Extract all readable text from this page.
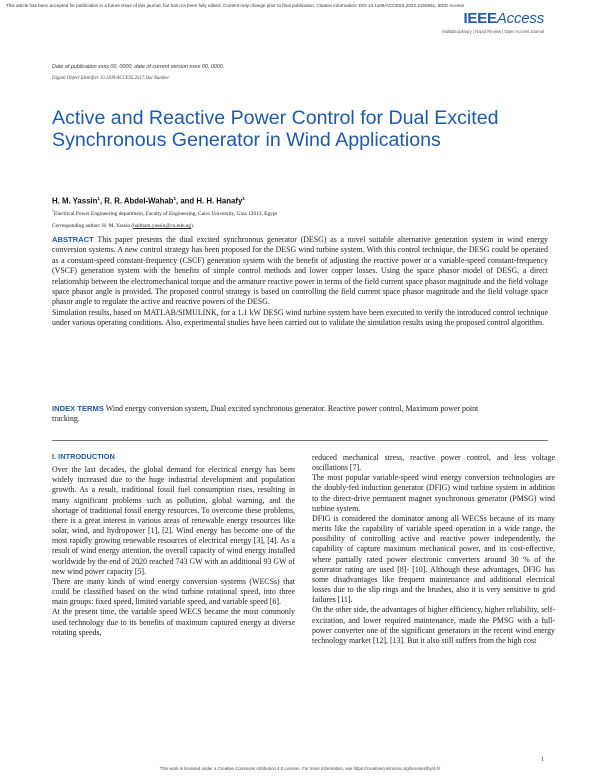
This article has been accepted for publication in a future issue of this journal, but has not been fully edited. Content may change prior to final publication. Citation information: DOI 10.1109/ACCESS.2022.3150651, IEEE Access
IEEEAccess
Multidisciplinary | Rapid Review | Open Access Journal
Date of publication xxxx 00, 0000, date of current version xxxx 00, 0000.
Digital Object Identifier 10.1109/ACCESS.2017.Doi Number
Active and Reactive Power Control for Dual Excited Synchronous Generator in Wind Applications
H. M. Yassin$^1$, R. R. Abdel-Wahab$^1$, and H. H. Hanafy$^1$
$^1$Electrical Power Engineering department, Faculty of Engineering, Cairo University, Giza 12613, Egypt
Corresponding author: H. M. Yassin (haitham.yassin@cu.edu.eg).

ABSTRACT This paper presents the dual excited synchronous generator (DESG) as a novel suitable alternative generation system in wind energy conversion systems. A new control strategy has been proposed for the DESG wind turbine system. With this control technique, the DESG could be operated as a constant-speed constant-frequency (CSCF) generation system with the benefit of adjusting the reactive power or a variable-speed constant-frequency (VSCF) generation system with the benefits of simple control methods and lower copper losses. Using the space phasor model of DESG, a direct relationship between the electromechanical torque and the armature reactive power in terms of the field current space phasor magnitude and the field voltage space phasor angle is provided. The proposed control strategy is based on controlling the field current space phasor magnitude and the field voltage space phasor angle to regulate the active and reactive powers of the DESG.

Simulation results, based on MATLAB/SIMULINK, for a 1.1 kW DESG wind turbine system have been executed to verify the introduced control technique under various operating conditions. Also, experimental studies have been carried out to validate the simulation results using the proposed control algorithm.

INDEX TERMS Wind energy conversion system, Dual excited synchronous generator. Reactive power control, Maximum power point tracking.

I. INTRODUCTION

Over the last decades, the global demand for electrical energy has been widely increased due to the huge industrial development and population growth. As a result, traditional fossil fuel consumption rises, resulting in many significant problems such as pollution, global warning, and the shortage of traditional fossil energy resources. To overcome these problems, there is a great interest in various areas of renewable energy resources like solar, wind, and hydropower [1], [2]. Wind energy has become one of the most rapidly growing renewable resources of electrical energy [3], [4]. As a result of wind energy attention, the overall capacity of wind energy installed worldwide by the end of 2020 reached 743 GW with an additional 93 GW of new wind power capacity [5].

There are many kinds of wind energy conversion systems (WECSs) that could be classified based on the wind turbine rotational speed, into three main groups: fixed speed, limited variable speed, and variable speed [6].

At the present time, the variable speed WECS became the most commonly used technology due to its benefits of maximum captured energy at diverse rotating speeds,

reduced mechanical stress, reactive power control, and less voltage oscillations [7].

The most popular variable-speed wind energy conversion technologies are the doubly-fed induction generator (DFIG) wind turbine system in addition to the direct-drive permanent magnet synchronous generator (PMSG) wind turbine system.

DFIG is considered the dominator among all WECSs because of its many merits like the capability of variable speed operation in a wide range, the possibility of controlling active and reactive power independently, the capability of capture maximum mechanical power, and its cost-effective, where partially rated power electronic converters around 30 % of the generator rating are used [8]- [10]. Although these advantages, DFIG has some disadvantages like frequent maintenance and additional electrical losses due to the slip rings and the brushes, also it is very sensitive to grid failures [11].

On the other side, the advantages of higher efficiency, higher reliability, self-excitation, and lower required maintenance, made the PMSG with a full-power converter one of the significant generators in the recent wind energy technology market [12], [13]. But it also still suffers from the high cost

1
This work is licensed under a Creative Commons Attribution 4.0 License. For more information, see https://creativecommons.org/licenses/by/4.0/
